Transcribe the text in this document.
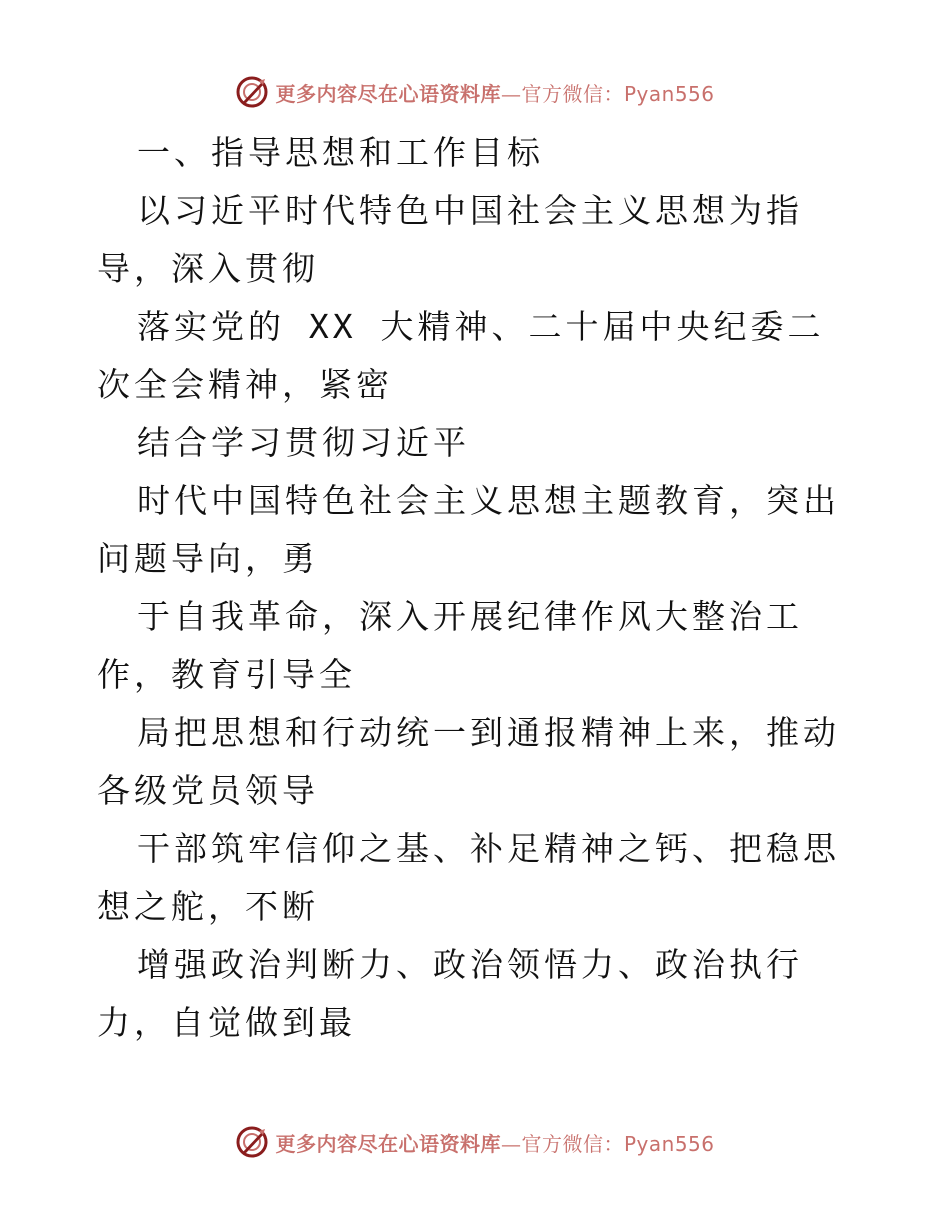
更多内容尽在心语资料库—官方微信：Pyan556

一、指导思想和工作目标

以习近平时代特色中国社会主义思想为指导，深入贯彻

落实党的 XX 大精神、二十届中央纪委二次全会精神，紧密

结合学习贯彻习近平

时代中国特色社会主义思想主题教育，突出问题导向，勇

于自我革命，深入开展纪律作风大整治工作，教育引导全

局把思想和行动统一到通报精神上来，推动各级党员领导

干部筑牢信仰之基、补足精神之钙、把稳思想之舵，不断

增强政治判断力、政治领悟力、政治执行力，自觉做到最

更多内容尽在心语资料库—官方微信：Pyan556
